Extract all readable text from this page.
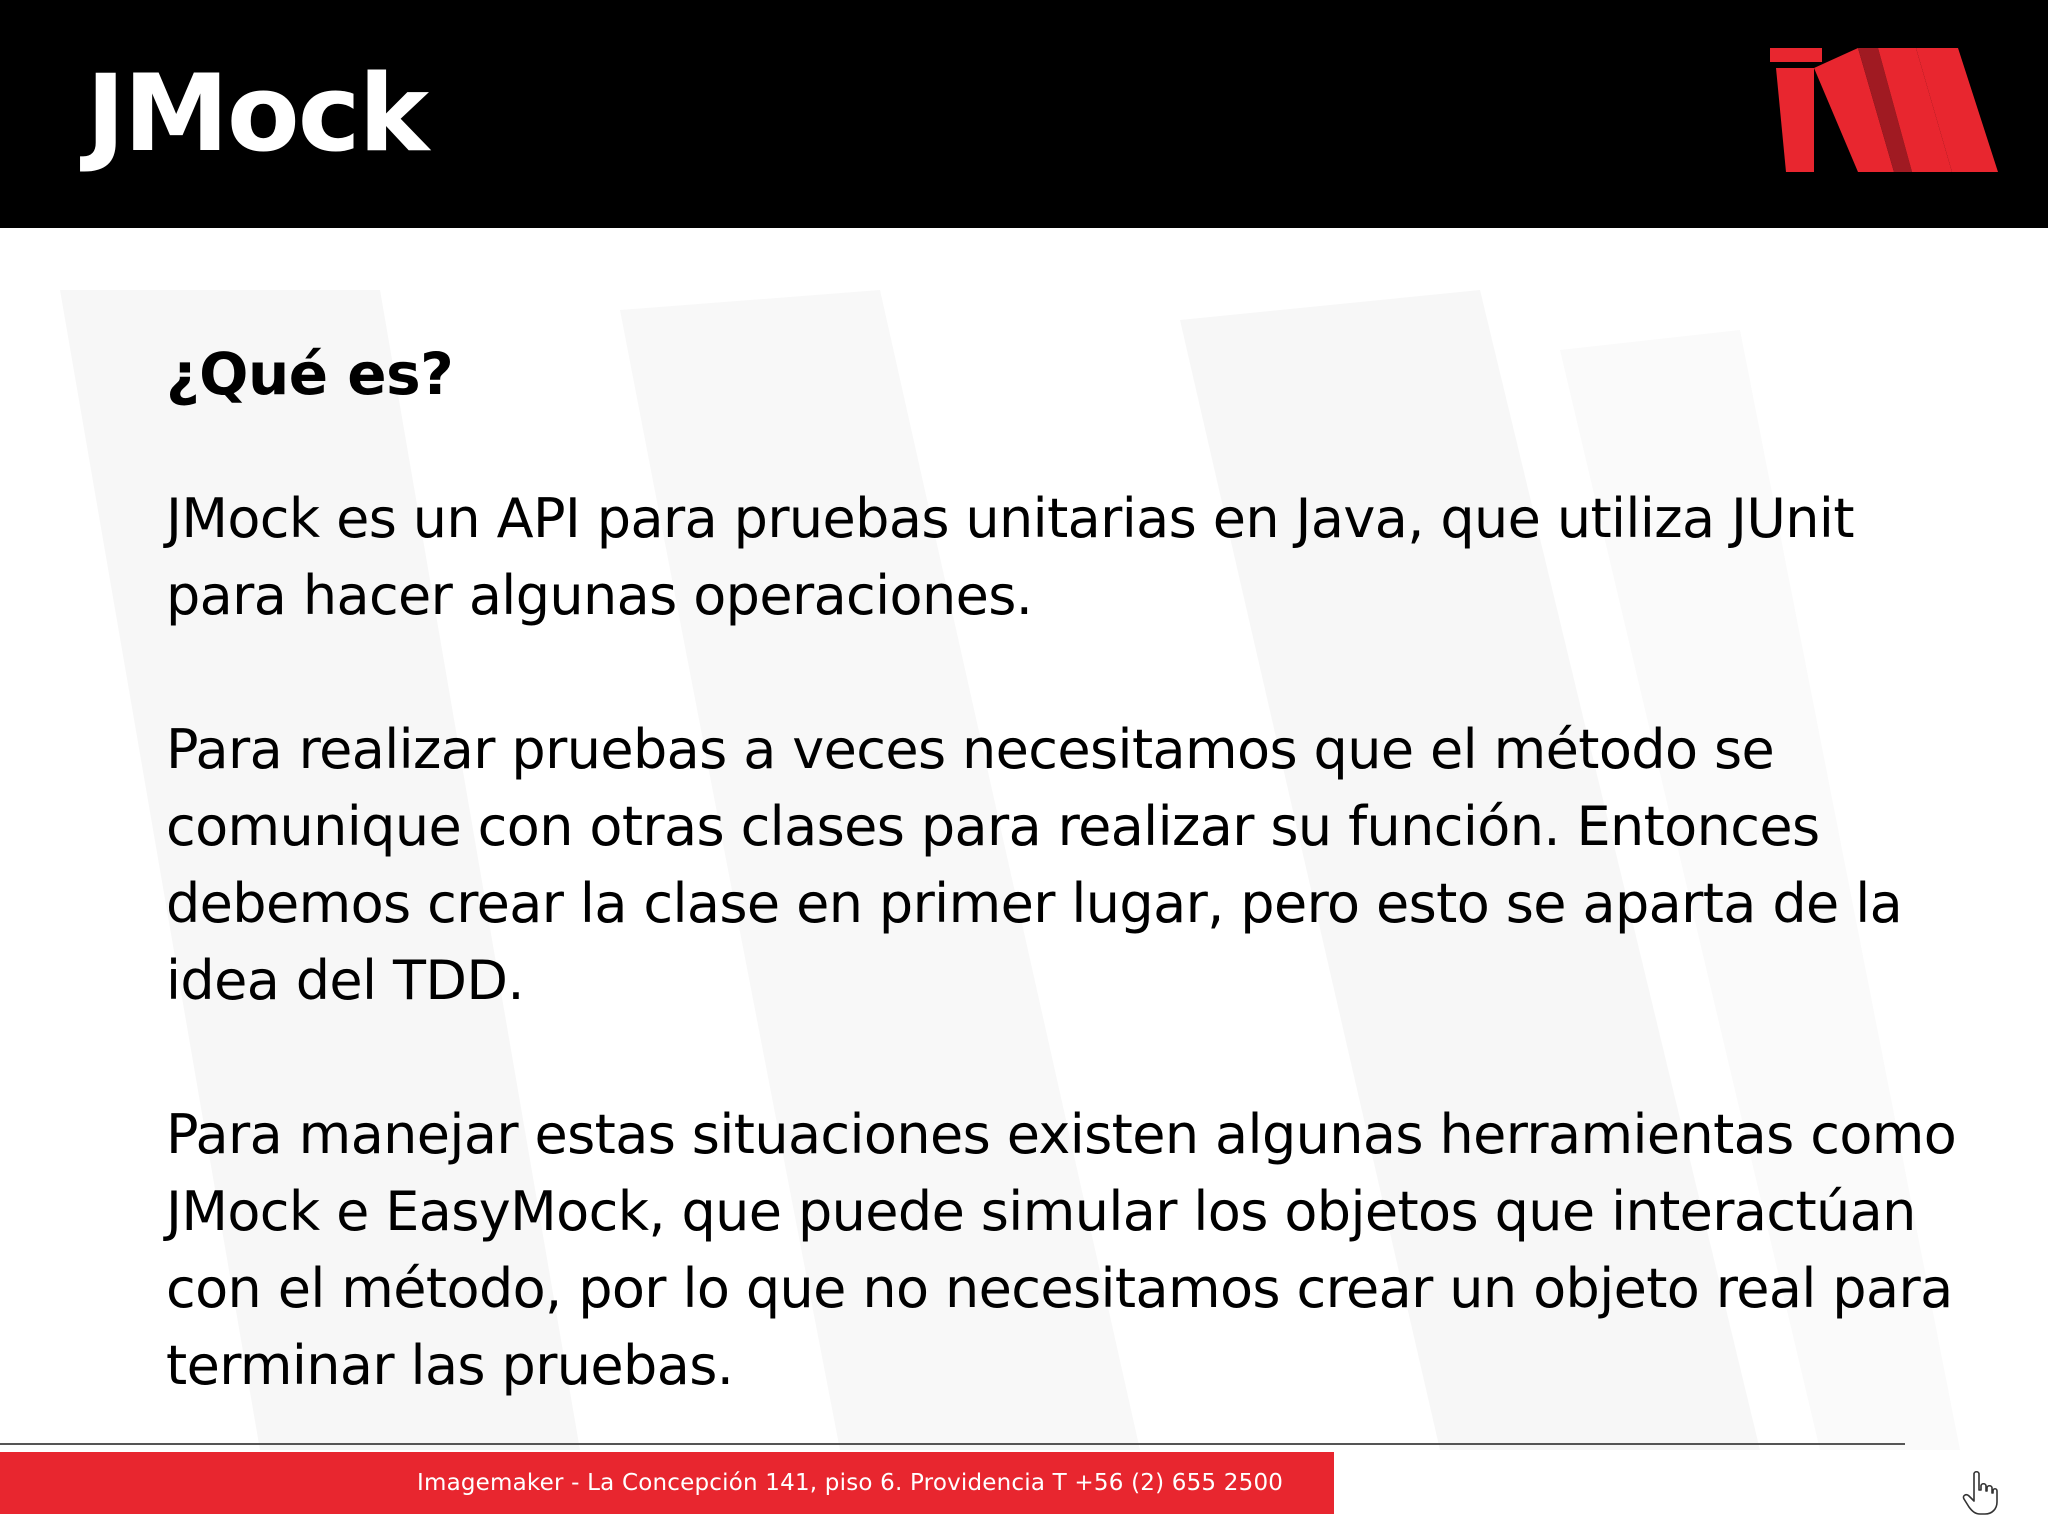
JMock

¿Qué es?

JMock es un API para pruebas unitarias en Java, que utiliza JUnit para hacer algunas operaciones.

Para realizar pruebas a veces necesitamos que el método se comunique con otras clases para realizar su función. Entonces debemos crear la clase en primer lugar, pero esto se aparta de la idea del TDD.

Para manejar estas situaciones existen algunas herramientas como JMock e EasyMock, que puede simular los objetos que interactúan con el método, por lo que no necesitamos crear un objeto real para terminar las pruebas.

Imagemaker - La Concepción 141, piso 6. Providencia T +56 (2) 655 2500
